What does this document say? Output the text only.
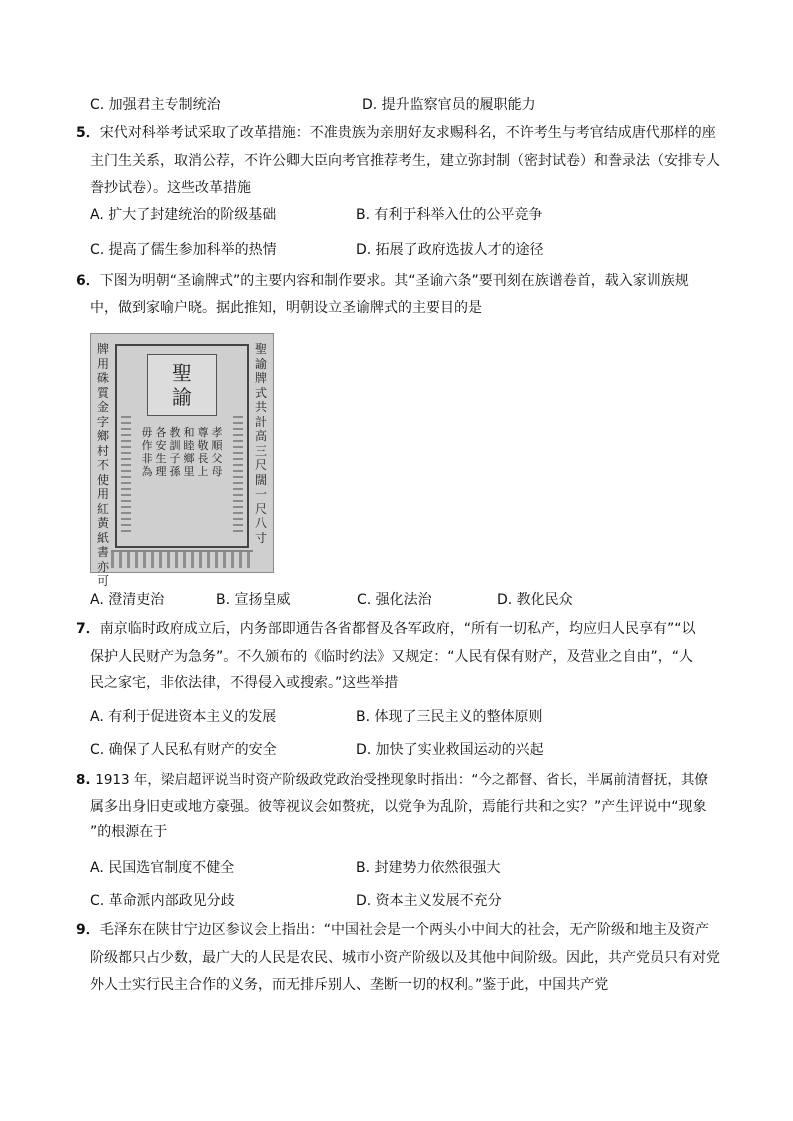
C. 加强君主专制统治	D. 提升监察官员的履职能力
5．宋代对科举考试采取了改革措施：不准贵族为亲朋好友求赐科名，不许考生与考官结成唐代那样的座
主门生关系，取消公荐，不许公卿大臣向考官推荐考生，建立弥封制（密封试卷）和誊录法（安排专人
誊抄试卷）。这些改革措施
A. 扩大了封建统治的阶级基础	B. 有利于科举入仕的公平竞争
C. 提高了儒生参加科举的热情	D. 拓展了政府选拔人才的途径
6．下图为明朝“圣谕牌式”的主要内容和制作要求。其“圣谕六条”要刊刻在族谱卷首，载入家训族规
中，做到家喻户晓。据此推知，明朝设立圣谕牌式的主要目的是
牌用硃質金字鄉村不使用紅黃紙書亦可
聖諭牌式 共計高三尺闊一尺八寸
聖諭
孝順父母
尊敬長上
和睦鄉里
教訓子孫
各安生理
毋作非為
A. 澄清吏治	B. 宣扬皇威	C. 强化法治	D. 教化民众
7．南京临时政府成立后，内务部即通告各省都督及各军政府，“所有一切私产，均应归人民享有”“以
保护人民财产为急务”。不久颁布的《临时约法》又规定：“人民有保有财产，及营业之自由”，“人
民之家宅，非依法律，不得侵入或搜索。”这些举措
A. 有利于促进资本主义的发展	B. 体现了三民主义的整体原则
C. 确保了人民私有财产的安全	D. 加快了实业救国运动的兴起
8. 1913 年，梁启超评说当时资产阶级政党政治受挫现象时指出：“今之都督、省长，半属前清督抚，其僚
属多出身旧吏或地方豪强。彼等视议会如赘疣，以党争为乱阶，焉能行共和之实？”产生评说中“现象
”的根源在于
A. 民国选官制度不健全	B. 封建势力依然很强大
C. 革命派内部政见分歧	D. 资本主义发展不充分
9．毛泽东在陕甘宁边区参议会上指出：“中国社会是一个两头小中间大的社会，无产阶级和地主及资产
阶级都只占少数，最广大的人民是农民、城市小资产阶级以及其他中间阶级。因此，共产党员只有对党
外人士实行民主合作的义务，而无排斥别人、垄断一切的权利。”鉴于此，中国共产党
